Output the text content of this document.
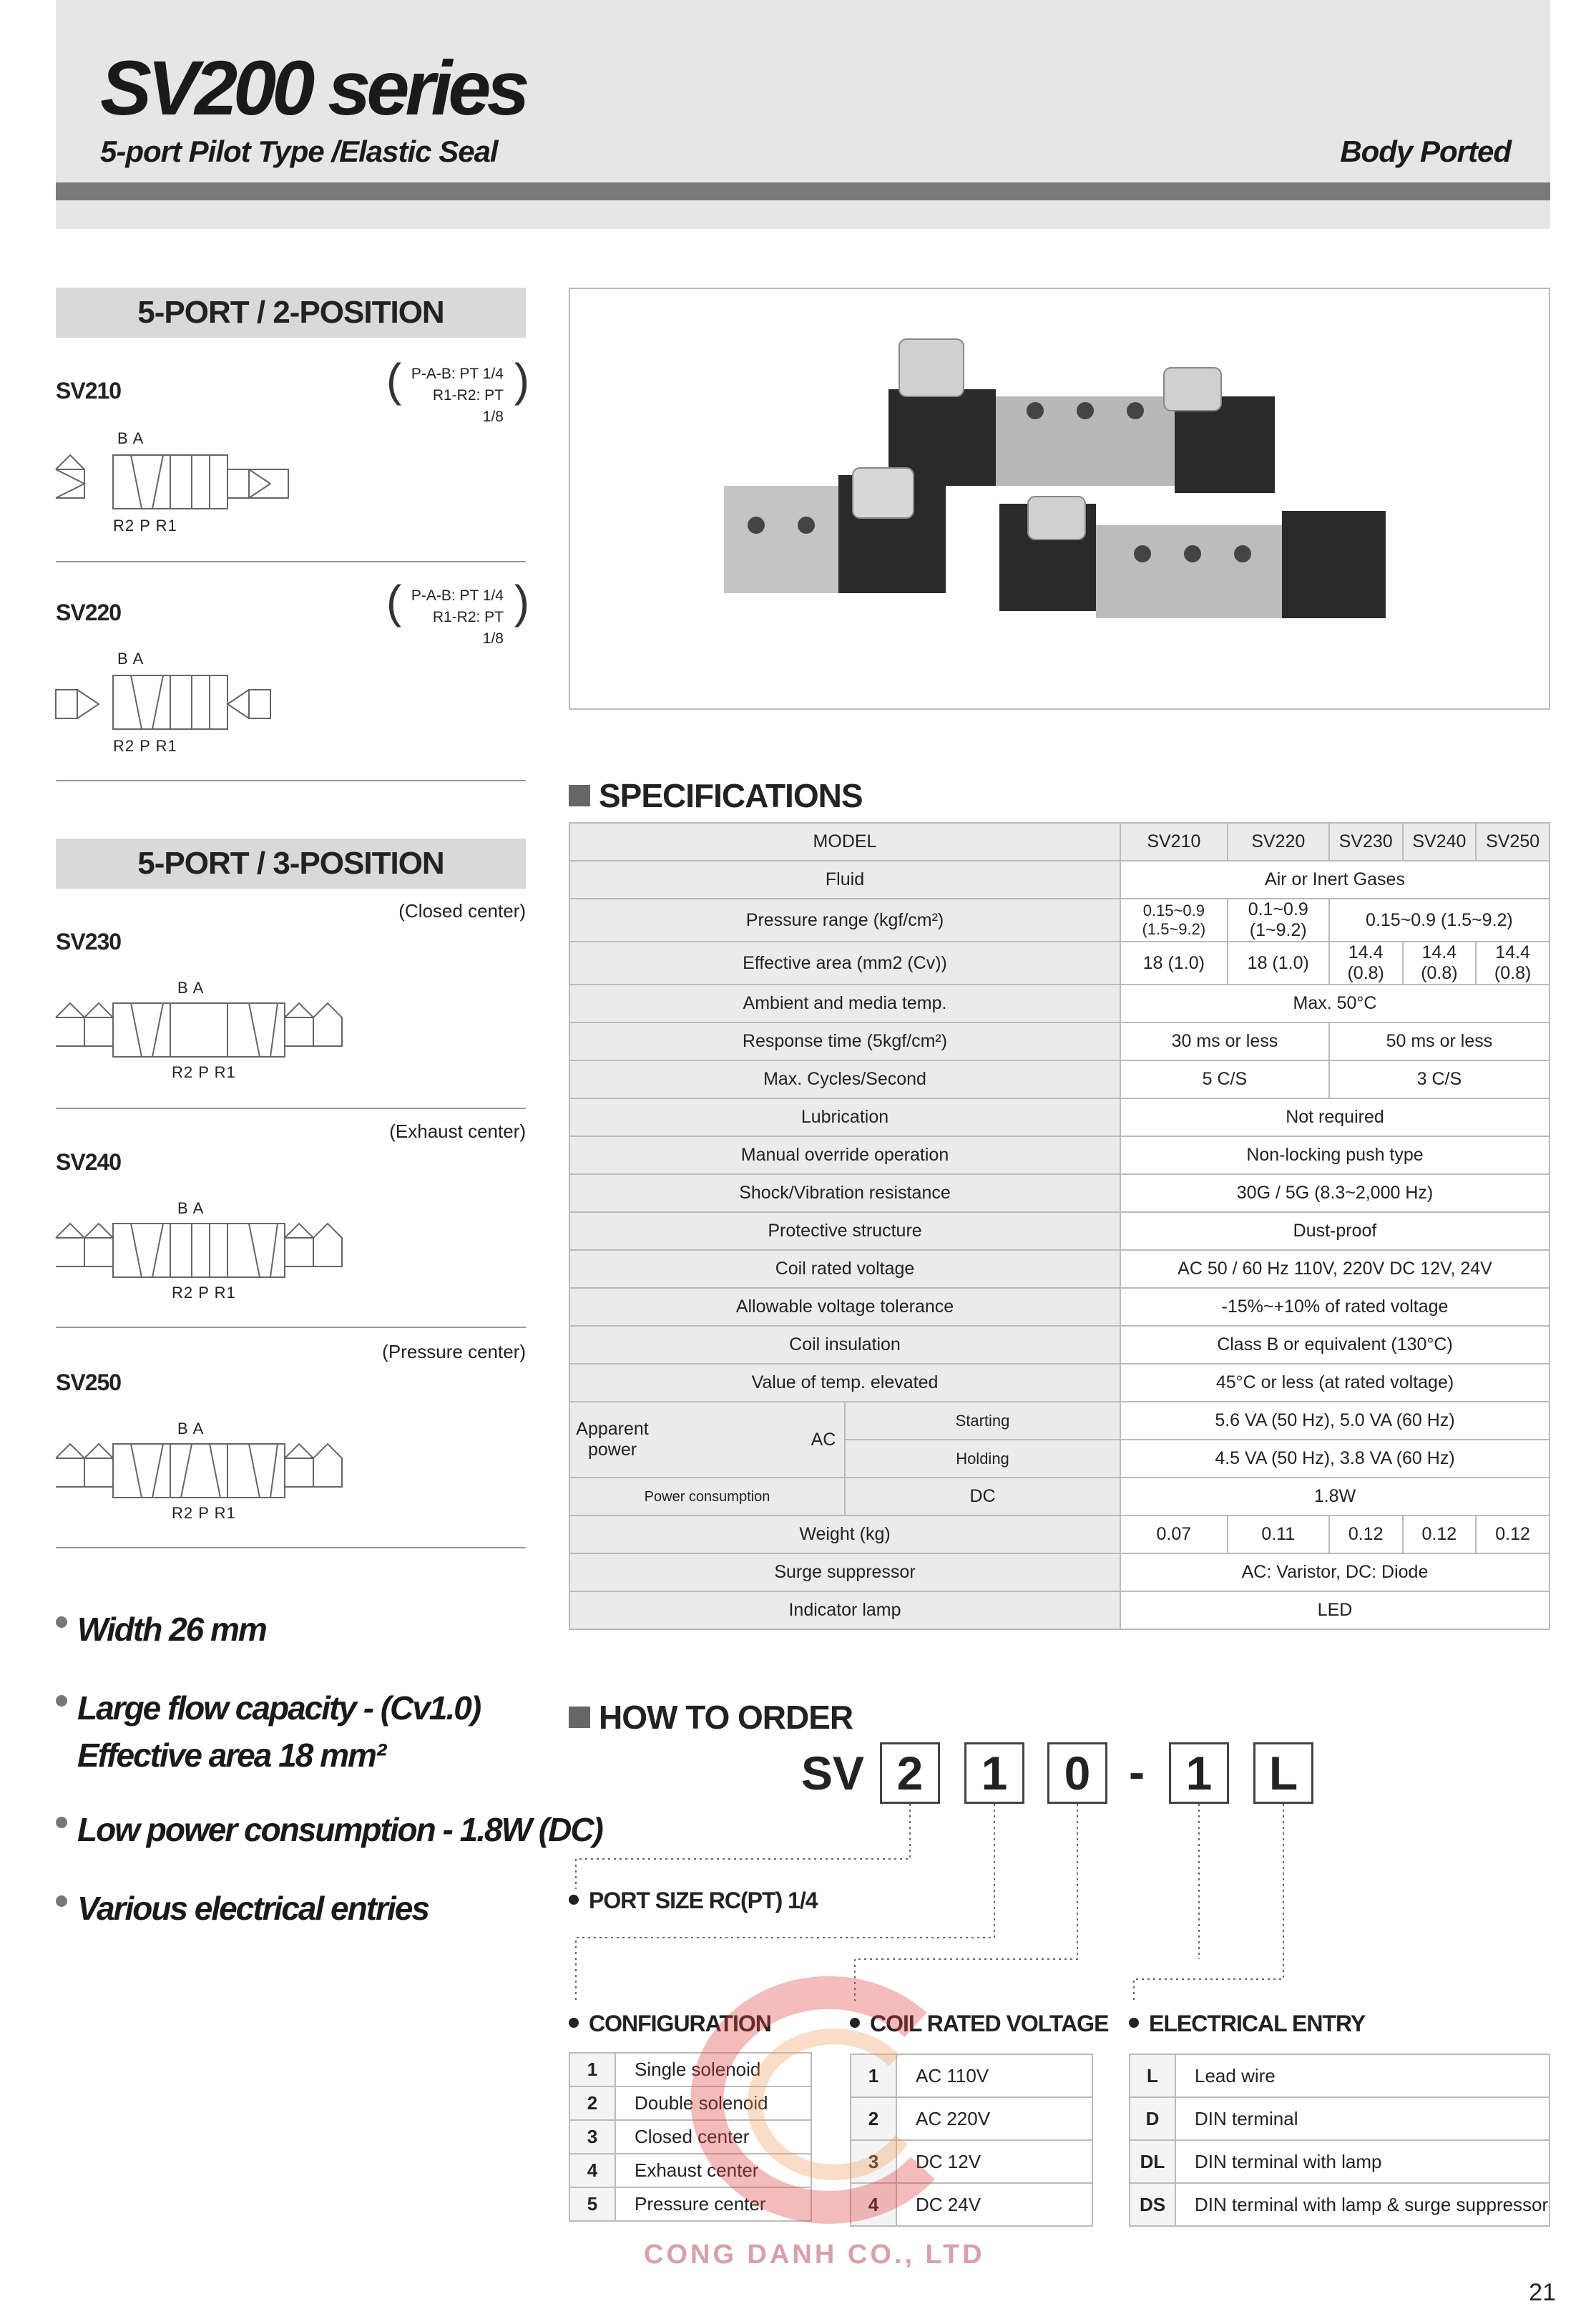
SV200 series
5-port Pilot Type /Elastic Seal	Body Ported
5-PORT / 2-POSITION
SV210	( P-A-B: PT 1/4
R1-R2: PT 1/8
)
B A
R2 P R1
SV220	( P-A-B: PT 1/4
R1-R2: PT 1/8
)
B A
R2 P R1
5-PORT / 3-POSITION
(Closed center)
SV230
B A
R2 P R1
(Exhaust center)
SV240
B A
R2 P R1
(Pressure center)
SV250
B A
R2 P R1
Width 26 mm
Large flow capacity - (Cv1.0)
Effective area 18 mm²
Low power consumption - 1.8W (DC)
Various electrical entries
SPECIFICATIONS
MODEL		SV210	SV220	SV230	SV240	SV250
Fluid		Air or Inert Gases				
Pressure range (kgf/cm²)		0.15~0.9 (1.5~9.2)	0.1~0.9 (1~9.2)	0.15~0.9 (1.5~9.2)		
Effective area (mm2 (Cv))		18 (1.0)	18 (1.0)	14.4 (0.8)	14.4 (0.8)	14.4 (0.8)
Ambient and media temp.		Max. 50°C				
Response time (5kgf/cm²)		30 ms or less		50 ms or less		
Max. Cycles/Second		5 C/S		3 C/S		
Lubrication		Not required				
Manual override operation		Non-locking push type				
Shock/Vibration resistance		30G / 5G (8.3~2,000 Hz)				
Protective structure		Dust-proof				
Coil rated voltage		AC 50 / 60 Hz 110V, 220V DC 12V, 24V				
Allowable voltage tolerance		-15%~+10% of rated voltage				
Coil insulation		Class B or equivalent (130°C)				
Value of temp. elevated		45°C or less (at rated voltage)				

Apparent power
AC	Starting	5.6 VA (50 Hz), 5.0 VA (60 Hz)				
	Holding	4.5 VA (50 Hz), 3.8 VA (60 Hz)				
Power consumption	DC	1.8W				
Weight (kg)		0.07	0.11	0.12	0.12	0.12
Surge suppressor		AC: Varistor, DC: Diode				
Indicator lamp		LED				
HOW TO ORDER
SV 2	1	0 - 1	L
PORT SIZE RC(PT) 1/4
CONFIGURATION
1	Single solenoid
2	Double solenoid
3	Closed center
4	Exhaust center
5	Pressure center
COIL RATED VOLTAGE
1	AC 110V
2	AC 220V
3	DC 12V
4	DC 24V
ELECTRICAL ENTRY
L	Lead wire
D	DIN terminal
DL	DIN terminal with lamp
DS	DIN terminal with lamp & surge suppressor
CONG DANH CO., LTD
21
